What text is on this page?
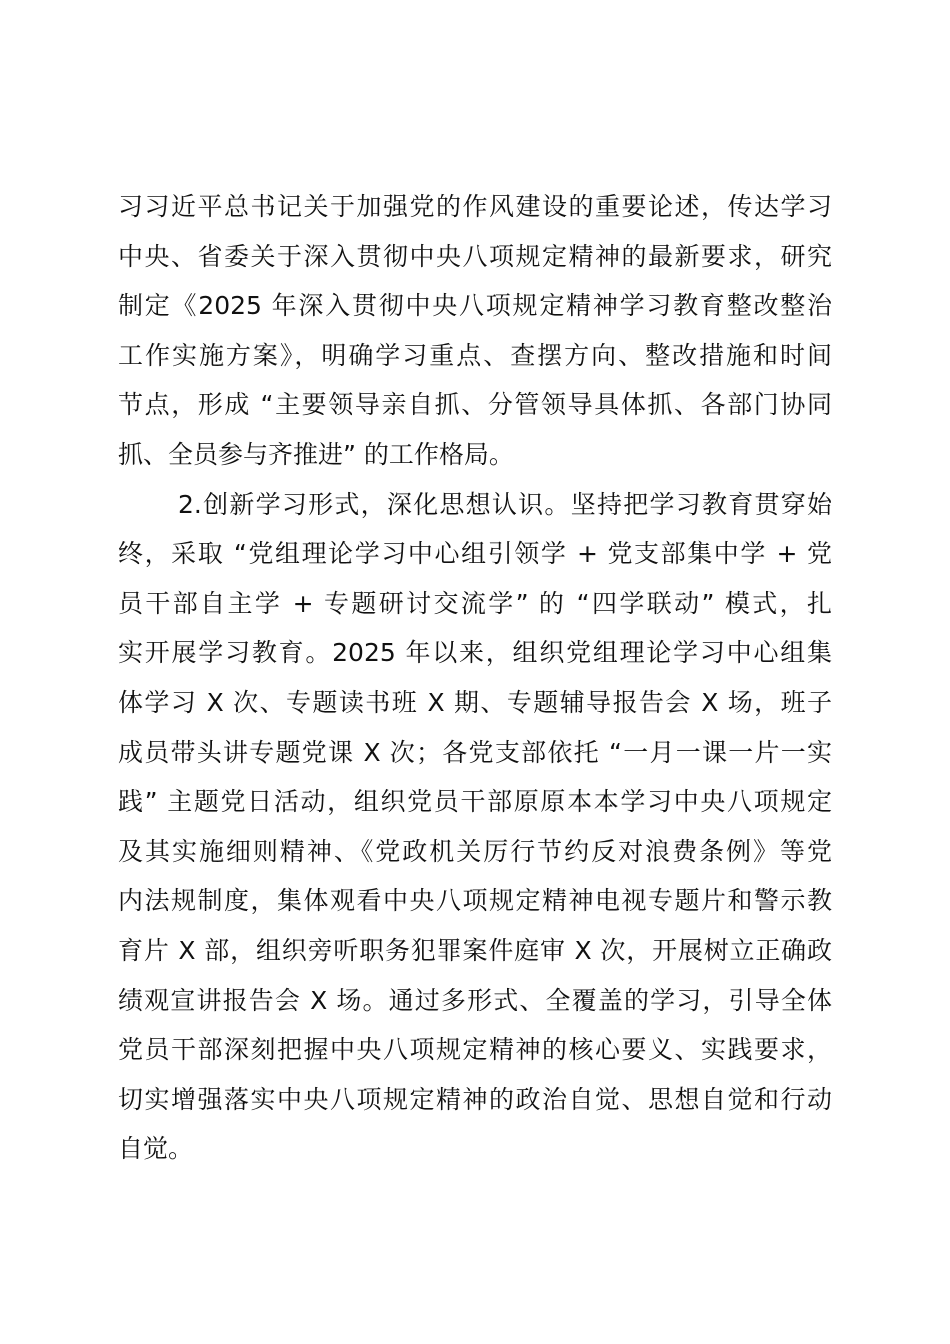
习习近平总书记关于加强党的作风建设的重要论述，传达学习
中央、省委关于深入贯彻中央八项规定精神的最新要求，研究
制定《2025 年深入贯彻中央八项规定精神学习教育整改整治
工作实施方案》，明确学习重点、查摆方向、整改措施和时间
节点，形成 “主要领导亲自抓、分管领导具体抓、各部门协同
抓、全员参与齐推进” 的工作格局。
2.创新学习形式，深化思想认识。坚持把学习教育贯穿始
终，采取 “党组理论学习中心组引领学 + 党支部集中学 + 党
员干部自主学 + 专题研讨交流学” 的 “四学联动” 模式，扎
实开展学习教育。2025 年以来，组织党组理论学习中心组集
体学习 X 次、专题读书班 X 期、专题辅导报告会 X 场，班子
成员带头讲专题党课 X 次；各党支部依托 “一月一课一片一实
践” 主题党日活动，组织党员干部原原本本学习中央八项规定
及其实施细则精神、《党政机关厉行节约反对浪费条例》等党
内法规制度，集体观看中央八项规定精神电视专题片和警示教
育片 X 部，组织旁听职务犯罪案件庭审 X 次，开展树立正确政
绩观宣讲报告会 X 场。通过多形式、全覆盖的学习，引导全体
党员干部深刻把握中央八项规定精神的核心要义、实践要求，
切实增强落实中央八项规定精神的政治自觉、思想自觉和行动
自觉。
